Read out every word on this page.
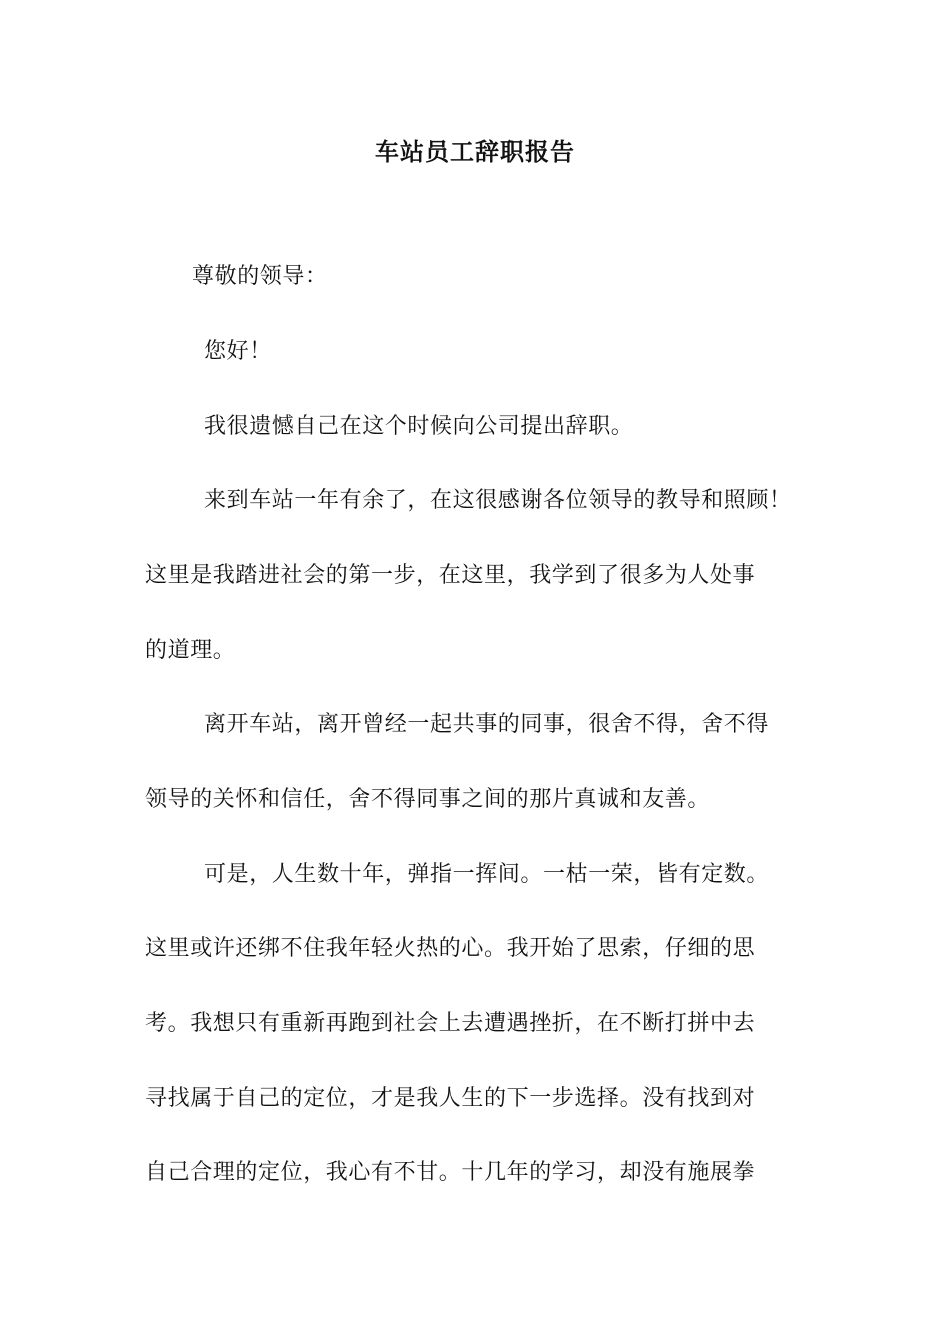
车站员工辞职报告
尊敬的领导：
您好！
我很遗憾自己在这个时候向公司提出辞职。
来到车站一年有余了，在这很感谢各位领导的教导和照顾！
这里是我踏进社会的第一步，在这里，我学到了很多为人处事
的道理。
离开车站，离开曾经一起共事的同事，很舍不得，舍不得
领导的关怀和信任，舍不得同事之间的那片真诚和友善。
可是，人生数十年，弹指一挥间。一枯一荣，皆有定数。
这里或许还绑不住我年轻火热的心。我开始了思索，仔细的思
考。我想只有重新再跑到社会上去遭遇挫折，在不断打拼中去
寻找属于自己的定位，才是我人生的下一步选择。没有找到对
自己合理的定位，我心有不甘。十几年的学习，却没有施展拳
